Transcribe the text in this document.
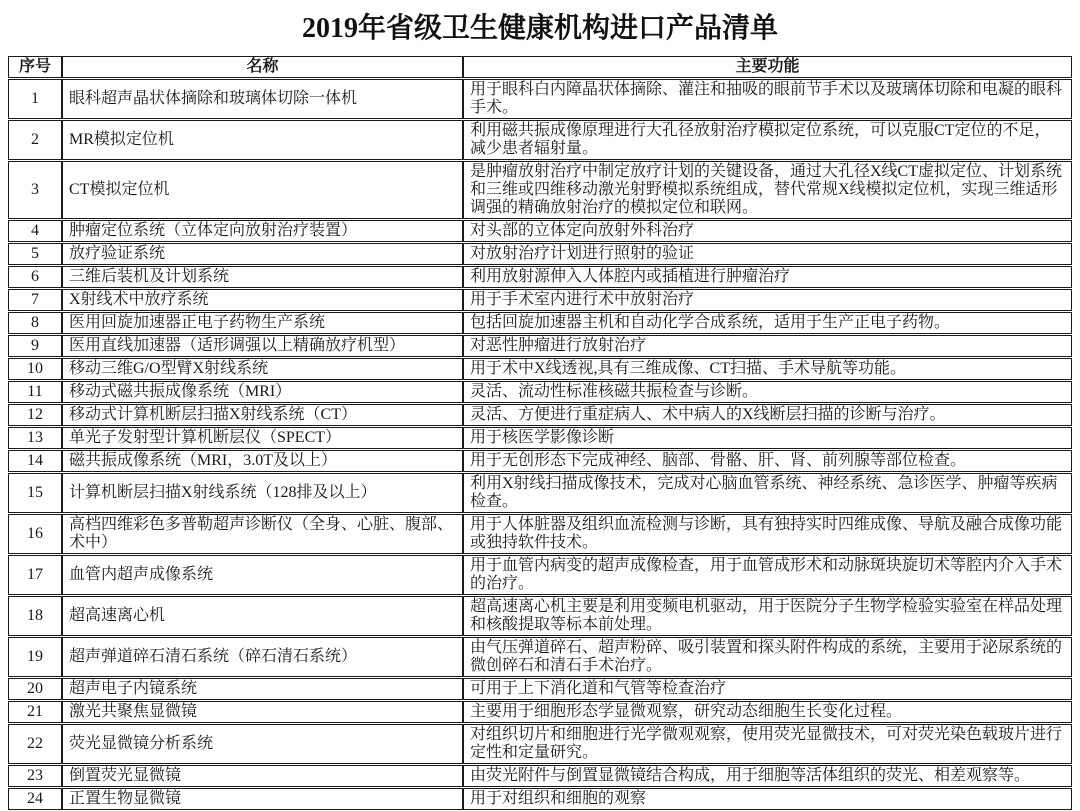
2019年省级卫生健康机构进口产品清单
序号	名称	主要功能
1	眼科超声晶状体摘除和玻璃体切除一体机	用于眼科白内障晶状体摘除、灌注和抽吸的眼前节手术以及玻璃体切除和电凝的眼科手术。
2	MR模拟定位机	利用磁共振成像原理进行大孔径放射治疗模拟定位系统，可以克服CT定位的不足，减少患者辐射量。
3	CT模拟定位机	是肿瘤放射治疗中制定放疗计划的关键设备，通过大孔径X线CT虚拟定位、计划系统和三维或四维移动激光射野模拟系统组成，替代常规X线模拟定位机，实现三维适形调强的精确放射治疗的模拟定位和联网。
4	肿瘤定位系统（立体定向放射治疗装置）	对头部的立体定向放射外科治疗
5	放疗验证系统	对放射治疗计划进行照射的验证
6	三维后装机及计划系统	利用放射源伸入人体腔内或插植进行肿瘤治疗
7	X射线术中放疗系统	用于手术室内进行术中放射治疗
8	医用回旋加速器正电子药物生产系统	包括回旋加速器主机和自动化学合成系统，适用于生产正电子药物。
9	医用直线加速器（适形调强以上精确放疗机型）	对恶性肿瘤进行放射治疗
10	移动三维G/O型臂X射线系统	用于术中X线透视,具有三维成像、CT扫描、手术导航等功能。
11	移动式磁共振成像系统（MRI）	灵活、流动性标准核磁共振检查与诊断。
12	移动式计算机断层扫描X射线系统（CT）	灵活、方便进行重症病人、术中病人的X线断层扫描的诊断与治疗。
13	单光子发射型计算机断层仪（SPECT）	用于核医学影像诊断
14	磁共振成像系统（MRI，3.0T及以上）	用于无创形态下完成神经、脑部、骨骼、肝、肾、前列腺等部位检查。
15	计算机断层扫描X射线系统（128排及以上）	利用X射线扫描成像技术，完成对心脑血管系统、神经系统、急诊医学、肿瘤等疾病检查。
16	高档四维彩色多普勒超声诊断仪（全身、心脏、腹部、术中）	用于人体脏器及组织血流检测与诊断，具有独持实时四维成像、导航及融合成像功能或独持软件技术。
17	血管内超声成像系统	用于血管内病变的超声成像检查，用于血管成形术和动脉斑块旋切术等腔内介入手术的治疗。
18	超高速离心机	超高速离心机主要是利用变频电机驱动，用于医院分子生物学检验实验室在样品处理和核酸提取等标本前处理。
19	超声弹道碎石清石系统（碎石清石系统）	由气压弹道碎石、超声粉碎、吸引装置和探头附件构成的系统，主要用于泌尿系统的微创碎石和清石手术治疗。
20	超声电子内镜系统	可用于上下消化道和气管等检查治疗
21	激光共聚焦显微镜	主要用于细胞形态学显微观察，研究动态细胞生长变化过程。
22	荧光显微镜分析系统	对组织切片和细胞进行光学微观观察，使用荧光显微技术，可对荧光染色载玻片进行定性和定量研究。
23	倒置荧光显微镜	由荧光附件与倒置显微镜结合构成，用于细胞等活体组织的荧光、相差观察等。
24	正置生物显微镜	用于对组织和细胞的观察
